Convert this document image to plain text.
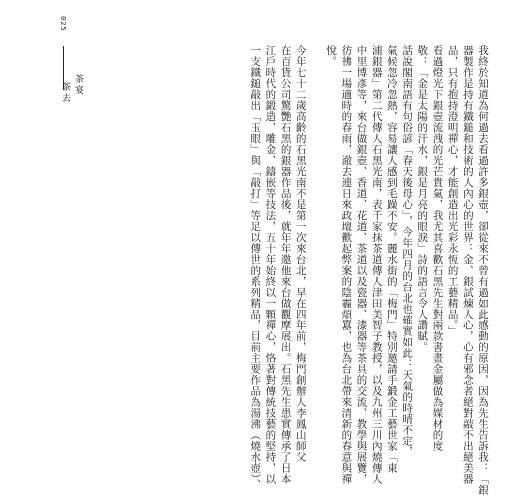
025
茶宴
茶去	我終於知道為何過去看過許多銀壺，卻從來不曾有過如此感動的原因，因為先生告訴我：「銀
器製作是持有鐵鎚和技術的人內心的世界：金、銀試煉人心，心有邪念者絕對敲不出絕美器
品，只有抱持澄明禪心，才能創造出光彩永恆的工藝精品。」
看過燈光下銀壺流洩的光芒貴氣，我尤其喜歡石黑先生對兩款書畫金屬做為媒材的度
敬：「金是太陽的汗水，銀是月亮的眼淚」詩的語言令人讚賦。
話說閣南語有句俗諺「春天後母心」，今年四月的台北也確實如此：天氣的時晴不定，
氣候忽冷忽熱，容易讓人感到毛躁不安。麗水街的「梅門」特別邀請手鍛金工藝世家「東
浦銀器」第二代傳人石黑光南，表千家抹茶道傳人津田美智子教授，以及九州三川內燒傳人
中里博彥等，來台做銀壺、香道、花道、茶道以及瓷器、漆器等茶具的交流、教學與展覽，
彷彿一場適時的春雨，澈去連日來政壇歡起弊案的陰霾煩囂，也為台北帶來清新的春意與禪
悅。
今年七十二歲高齡的石黑光南不是第一次來台北，早在四年前，梅門創辦人李鳳山師父
在百貨公司驚艷石黑的銀器作品後，就年年邀他來台做觀摩展出。石黑先生患實傳承了日本
江戶時代的鍛造、雕金、鑄嵌等技法，五十年始終以一顆禪心，恪著對傳統技藝的堅持，以
一支鐵鎚敲出「玉眼」與「敲打」等足以傳世的系列精品，目前主要作品為湯沸（燒水壺）、
